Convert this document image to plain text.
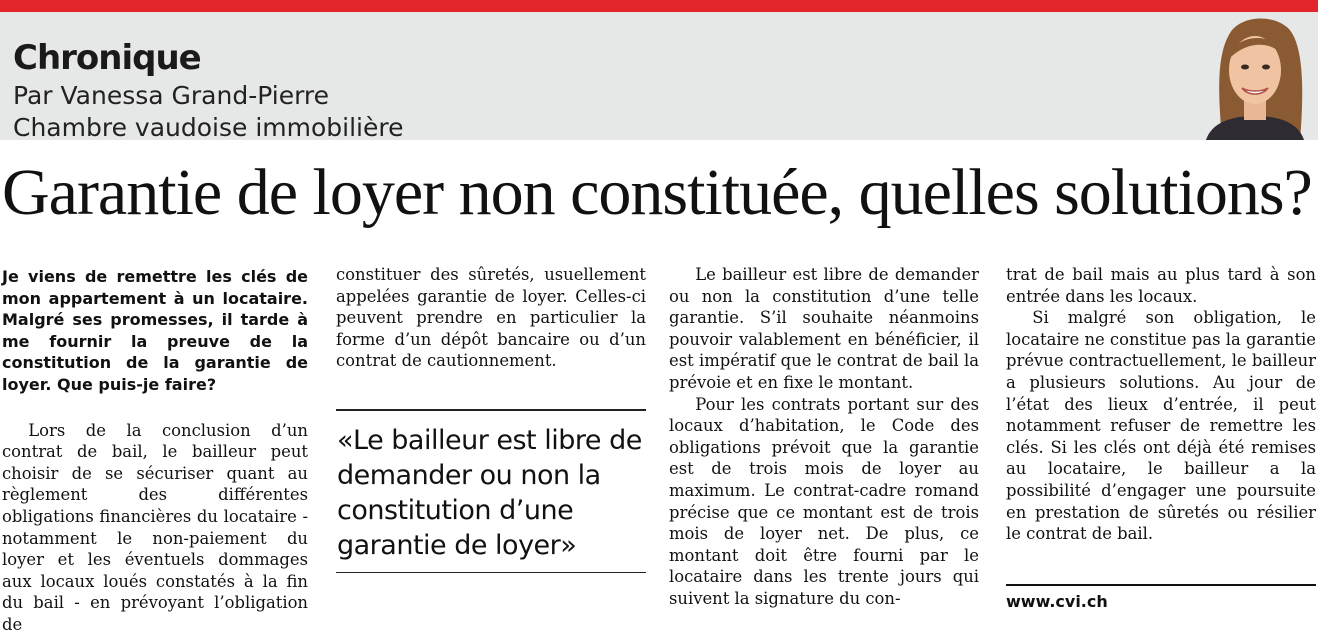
Chronique
Par Vanessa Grand-Pierre
Chambre vaudoise immobilière
Garantie de loyer non constituée, quelles solutions?
Je viens de remettre les clés de mon appartement à un locataire. Malgré ses promesses, il tarde à me fournir la preuve de la constitution de la garantie de loyer. Que puis-je faire?

Lors de la conclusion d’un contrat de bail, le bailleur peut choisir de se sécuriser quant au règlement des différentes obligations financières du locataire - notamment le non-paiement du loyer et les éventuels dommages aux locaux loués constatés à la fin du bail - en prévoyant l’obligation de

constituer des sûretés, usuellement appelées garantie de loyer. Celles-ci peuvent prendre en particulier la forme d’un dépôt bancaire ou d’un contrat de cautionnement.

«Le bailleur est libre de demander ou non la constitution d’une garantie de loyer»

Le bailleur est libre de demander ou non la constitution d’une telle garantie. S’il souhaite néanmoins pouvoir valablement en bénéficier, il est impératif que le contrat de bail la prévoie et en fixe le montant.

Pour les contrats portant sur des locaux d’habitation, le Code des obligations prévoit que la garantie est de trois mois de loyer au maximum. Le contrat-cadre romand précise que ce montant est de trois mois de loyer net. De plus, ce montant doit être fourni par le locataire dans les trente jours qui suivent la signature du con-

trat de bail mais au plus tard à son entrée dans les locaux.

Si malgré son obligation, le locataire ne constitue pas la garantie prévue contractuellement, le bailleur a plusieurs solutions. Au jour de l’état des lieux d’entrée, il peut notamment refuser de remettre les clés. Si les clés ont déjà été remises au locataire, le bailleur a la possibilité d’engager une poursuite en prestation de sûretés ou résilier le contrat de bail.

www.cvi.ch
